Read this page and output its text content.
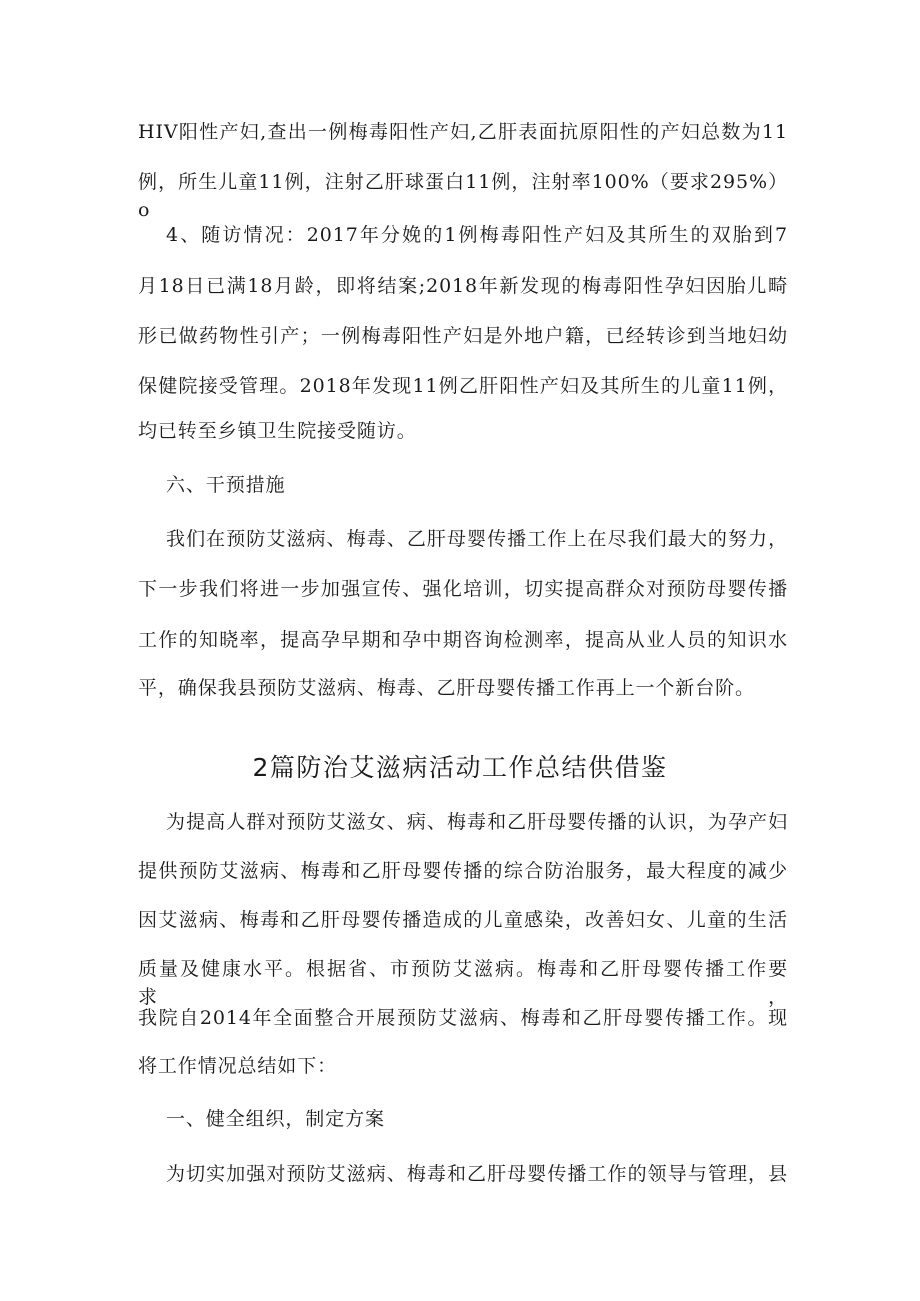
HIV阳性产妇,查出一例梅毒阳性产妇,乙肝表面抗原阳性的产妇总数为11
例，所生儿童11例，注射乙肝球蛋白11例，注射率100%（要求295%）o
4、随访情况：2017年分娩的1例梅毒阳性产妇及其所生的双胎到7
月18日已满18月龄，即将结案;2018年新发现的梅毒阳性孕妇因胎儿畸
形已做药物性引产；一例梅毒阳性产妇是外地户籍，已经转诊到当地妇幼
保健院接受管理。2018年发现11例乙肝阳性产妇及其所生的儿童11例，
均已转至乡镇卫生院接受随访。
六、干预措施
我们在预防艾滋病、梅毒、乙肝母婴传播工作上在尽我们最大的努力，
下一步我们将进一步加强宣传、强化培训，切实提高群众对预防母婴传播
工作的知晓率，提高孕早期和孕中期咨询检测率，提高从业人员的知识水
平，确保我县预防艾滋病、梅毒、乙肝母婴传播工作再上一个新台阶。
2篇防治艾滋病活动工作总结供借鉴
为提高人群对预防艾滋女、病、梅毒和乙肝母婴传播的认识，为孕产妇
提供预防艾滋病、梅毒和乙肝母婴传播的综合防治服务，最大程度的减少
因艾滋病、梅毒和乙肝母婴传播造成的儿童感染，改善妇女、儿童的生活
质量及健康水平。根据省、市预防艾滋病。梅毒和乙肝母婴传播工作要求，
我院自2014年全面整合开展预防艾滋病、梅毒和乙肝母婴传播工作。现
将工作情况总结如下：
一、健全组织，制定方案
为切实加强对预防艾滋病、梅毒和乙肝母婴传播工作的领导与管理，县
